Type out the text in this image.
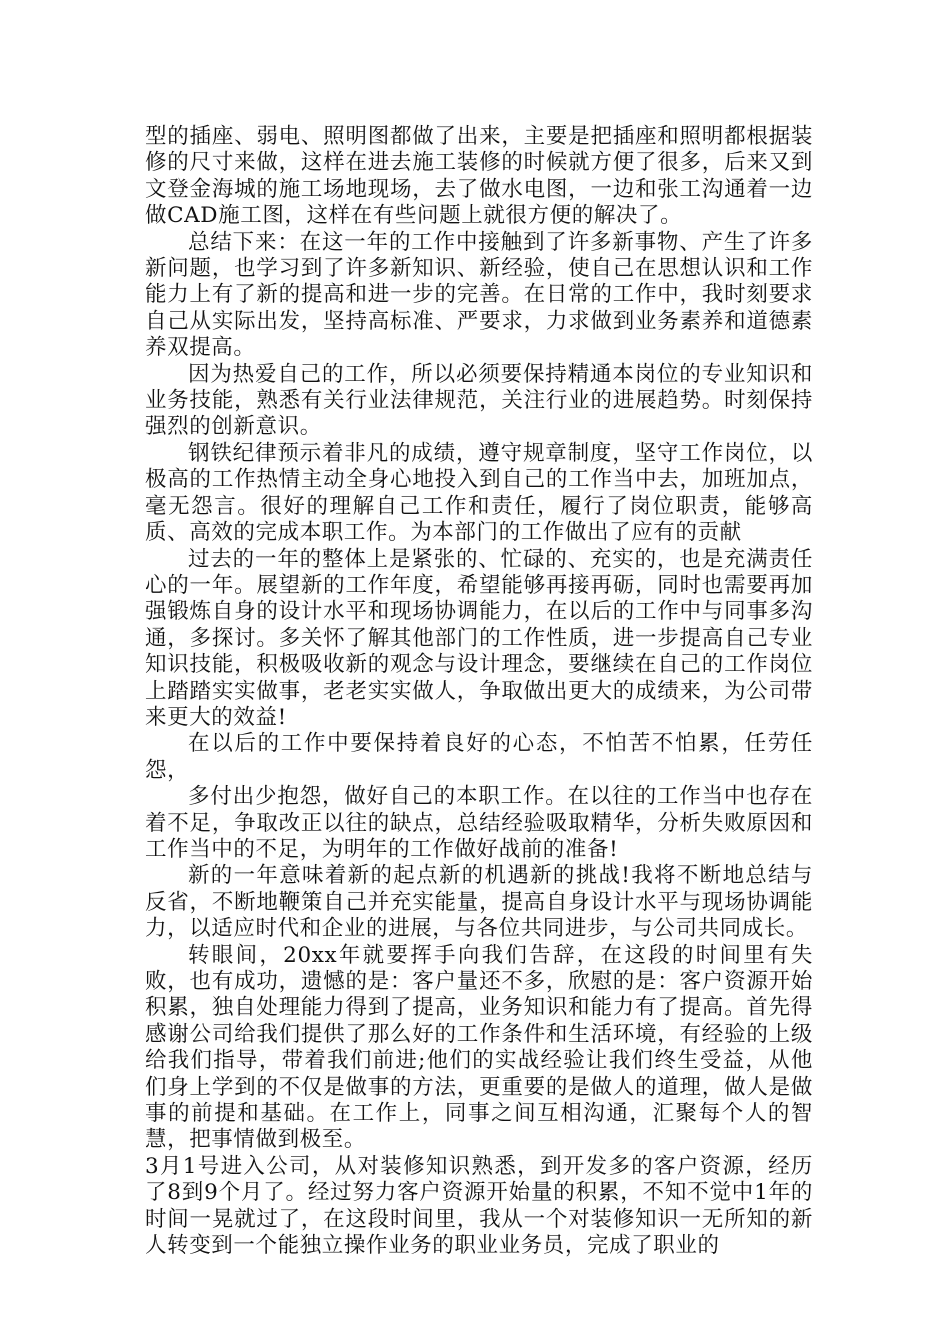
型的插座、弱电、照明图都做了出来，主要是把插座和照明都根据装修的尺寸来做，这样在进去施工装修的时候就方便了很多，后来又到文登金海城的施工场地现场，去了做水电图，一边和张工沟通着一边做CAD施工图，这样在有些问题上就很方便的解决了。

总结下来：在这一年的工作中接触到了许多新事物、产生了许多新问题，也学习到了许多新知识、新经验，使自己在思想认识和工作能力上有了新的提高和进一步的完善。在日常的工作中，我时刻要求自己从实际出发，坚持高标准、严要求，力求做到业务素养和道德素养双提高。

因为热爱自己的工作，所以必须要保持精通本岗位的专业知识和业务技能，熟悉有关行业法律规范，关注行业的进展趋势。时刻保持强烈的创新意识。

钢铁纪律预示着非凡的成绩，遵守规章制度，坚守工作岗位，以极高的工作热情主动全身心地投入到自己的工作当中去，加班加点，毫无怨言。很好的理解自己工作和责任，履行了岗位职责，能够高质、高效的完成本职工作。为本部门的工作做出了应有的贡献

过去的一年的整体上是紧张的、忙碌的、充实的，也是充满责任心的一年。展望新的工作年度，希望能够再接再砺，同时也需要再加强锻炼自身的设计水平和现场协调能力，在以后的工作中与同事多沟通，多探讨。多关怀了解其他部门的工作性质，进一步提高自己专业知识技能，积极吸收新的观念与设计理念，要继续在自己的工作岗位上踏踏实实做事，老老实实做人，争取做出更大的成绩来，为公司带来更大的效益!

在以后的工作中要保持着良好的心态，不怕苦不怕累，任劳任怨，

多付出少抱怨，做好自己的本职工作。在以往的工作当中也存在着不足，争取改正以往的缺点，总结经验吸取精华，分析失败原因和工作当中的不足，为明年的工作做好战前的准备!

新的一年意味着新的起点新的机遇新的挑战!我将不断地总结与反省，不断地鞭策自己并充实能量，提高自身设计水平与现场协调能力，以适应时代和企业的进展，与各位共同进步，与公司共同成长。

转眼间，20xx年就要挥手向我们告辞，在这段的时间里有失败，也有成功，遗憾的是：客户量还不多，欣慰的是：客户资源开始积累，独自处理能力得到了提高，业务知识和能力有了提高。首先得感谢公司给我们提供了那么好的工作条件和生活环境，有经验的上级给我们指导，带着我们前进;他们的实战经验让我们终生受益，从他们身上学到的不仅是做事的方法，更重要的是做人的道理，做人是做事的前提和基础。在工作上，同事之间互相沟通，汇聚每个人的智慧，把事情做到极至。

3月1号进入公司，从对装修知识熟悉，到开发多的客户资源，经历了8到9个月了。经过努力客户资源开始量的积累，不知不觉中1年的时间一晃就过了，在这段时间里，我从一个对装修知识一无所知的新人转变到一个能独立操作业务的职业业务员，完成了职业的
